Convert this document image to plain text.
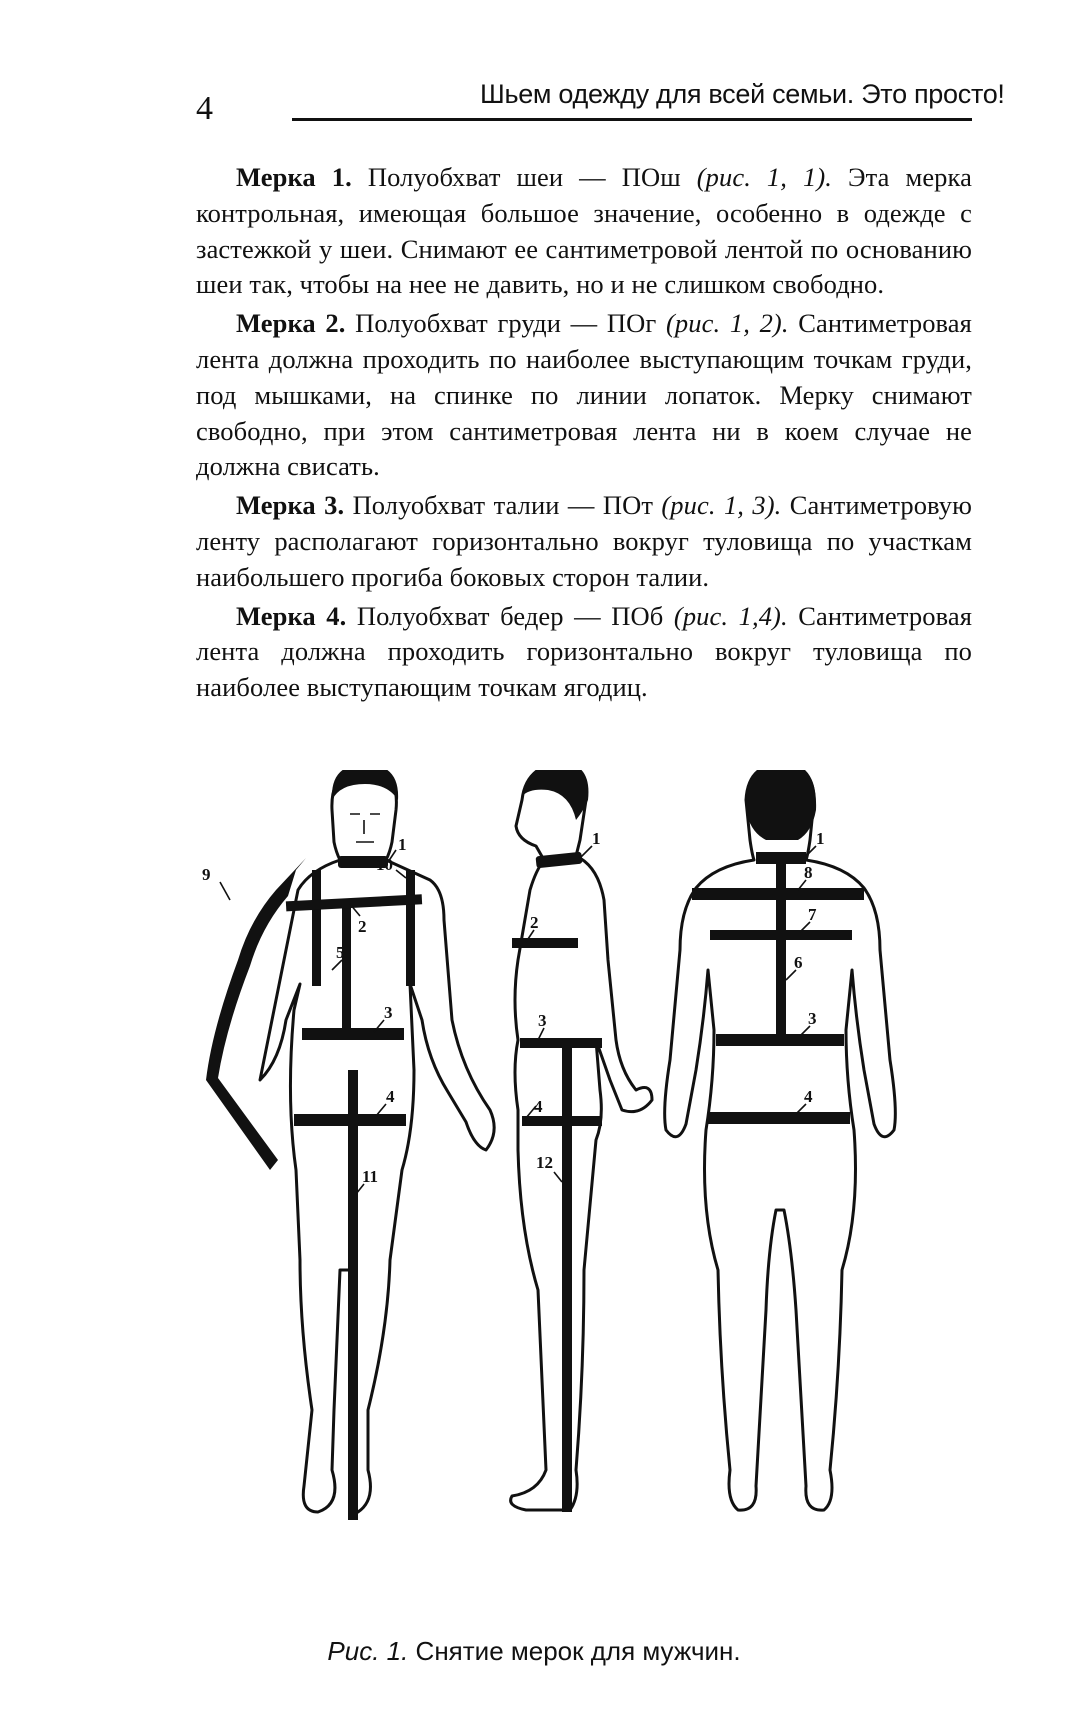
4	Шьем одежду для всей семьи. Это просто!

Мерка 1. Полуобхват шеи — ПОш (рис. 1, 1). Эта мерка контрольная, имеющая большое значение, особенно в одежде с застежкой у шеи. Снимают ее сантиметровой лентой по основанию шеи так, чтобы на нее не давить, но и не слишком свободно.

Мерка 2. Полуобхват груди — ПОг (рис. 1, 2). Сантиметровая лента должна проходить по наиболее выступающим точкам груди, под мышками, на спинке по линии лопаток. Мерку снимают свободно, при этом сантиметровая лента ни в коем случае не должна свисать.

Мерка 3. Полуобхват талии — ПОт (рис. 1, 3). Сантиметровую ленту располагают горизонтально вокруг туловища по участкам наибольшего прогиба боковых сторон талии.

Мерка 4. Полуобхват бедер — ПОб (рис. 1,4). Сантиметровая лента должна проходить горизонтально вокруг туловища по наиболее выступающим точкам ягодиц.

1
10
9
2
5
3
4
11
1
2
3
4
12
1
8
7
6
3
4
Рис. 1. Снятие мерок для мужчин.
